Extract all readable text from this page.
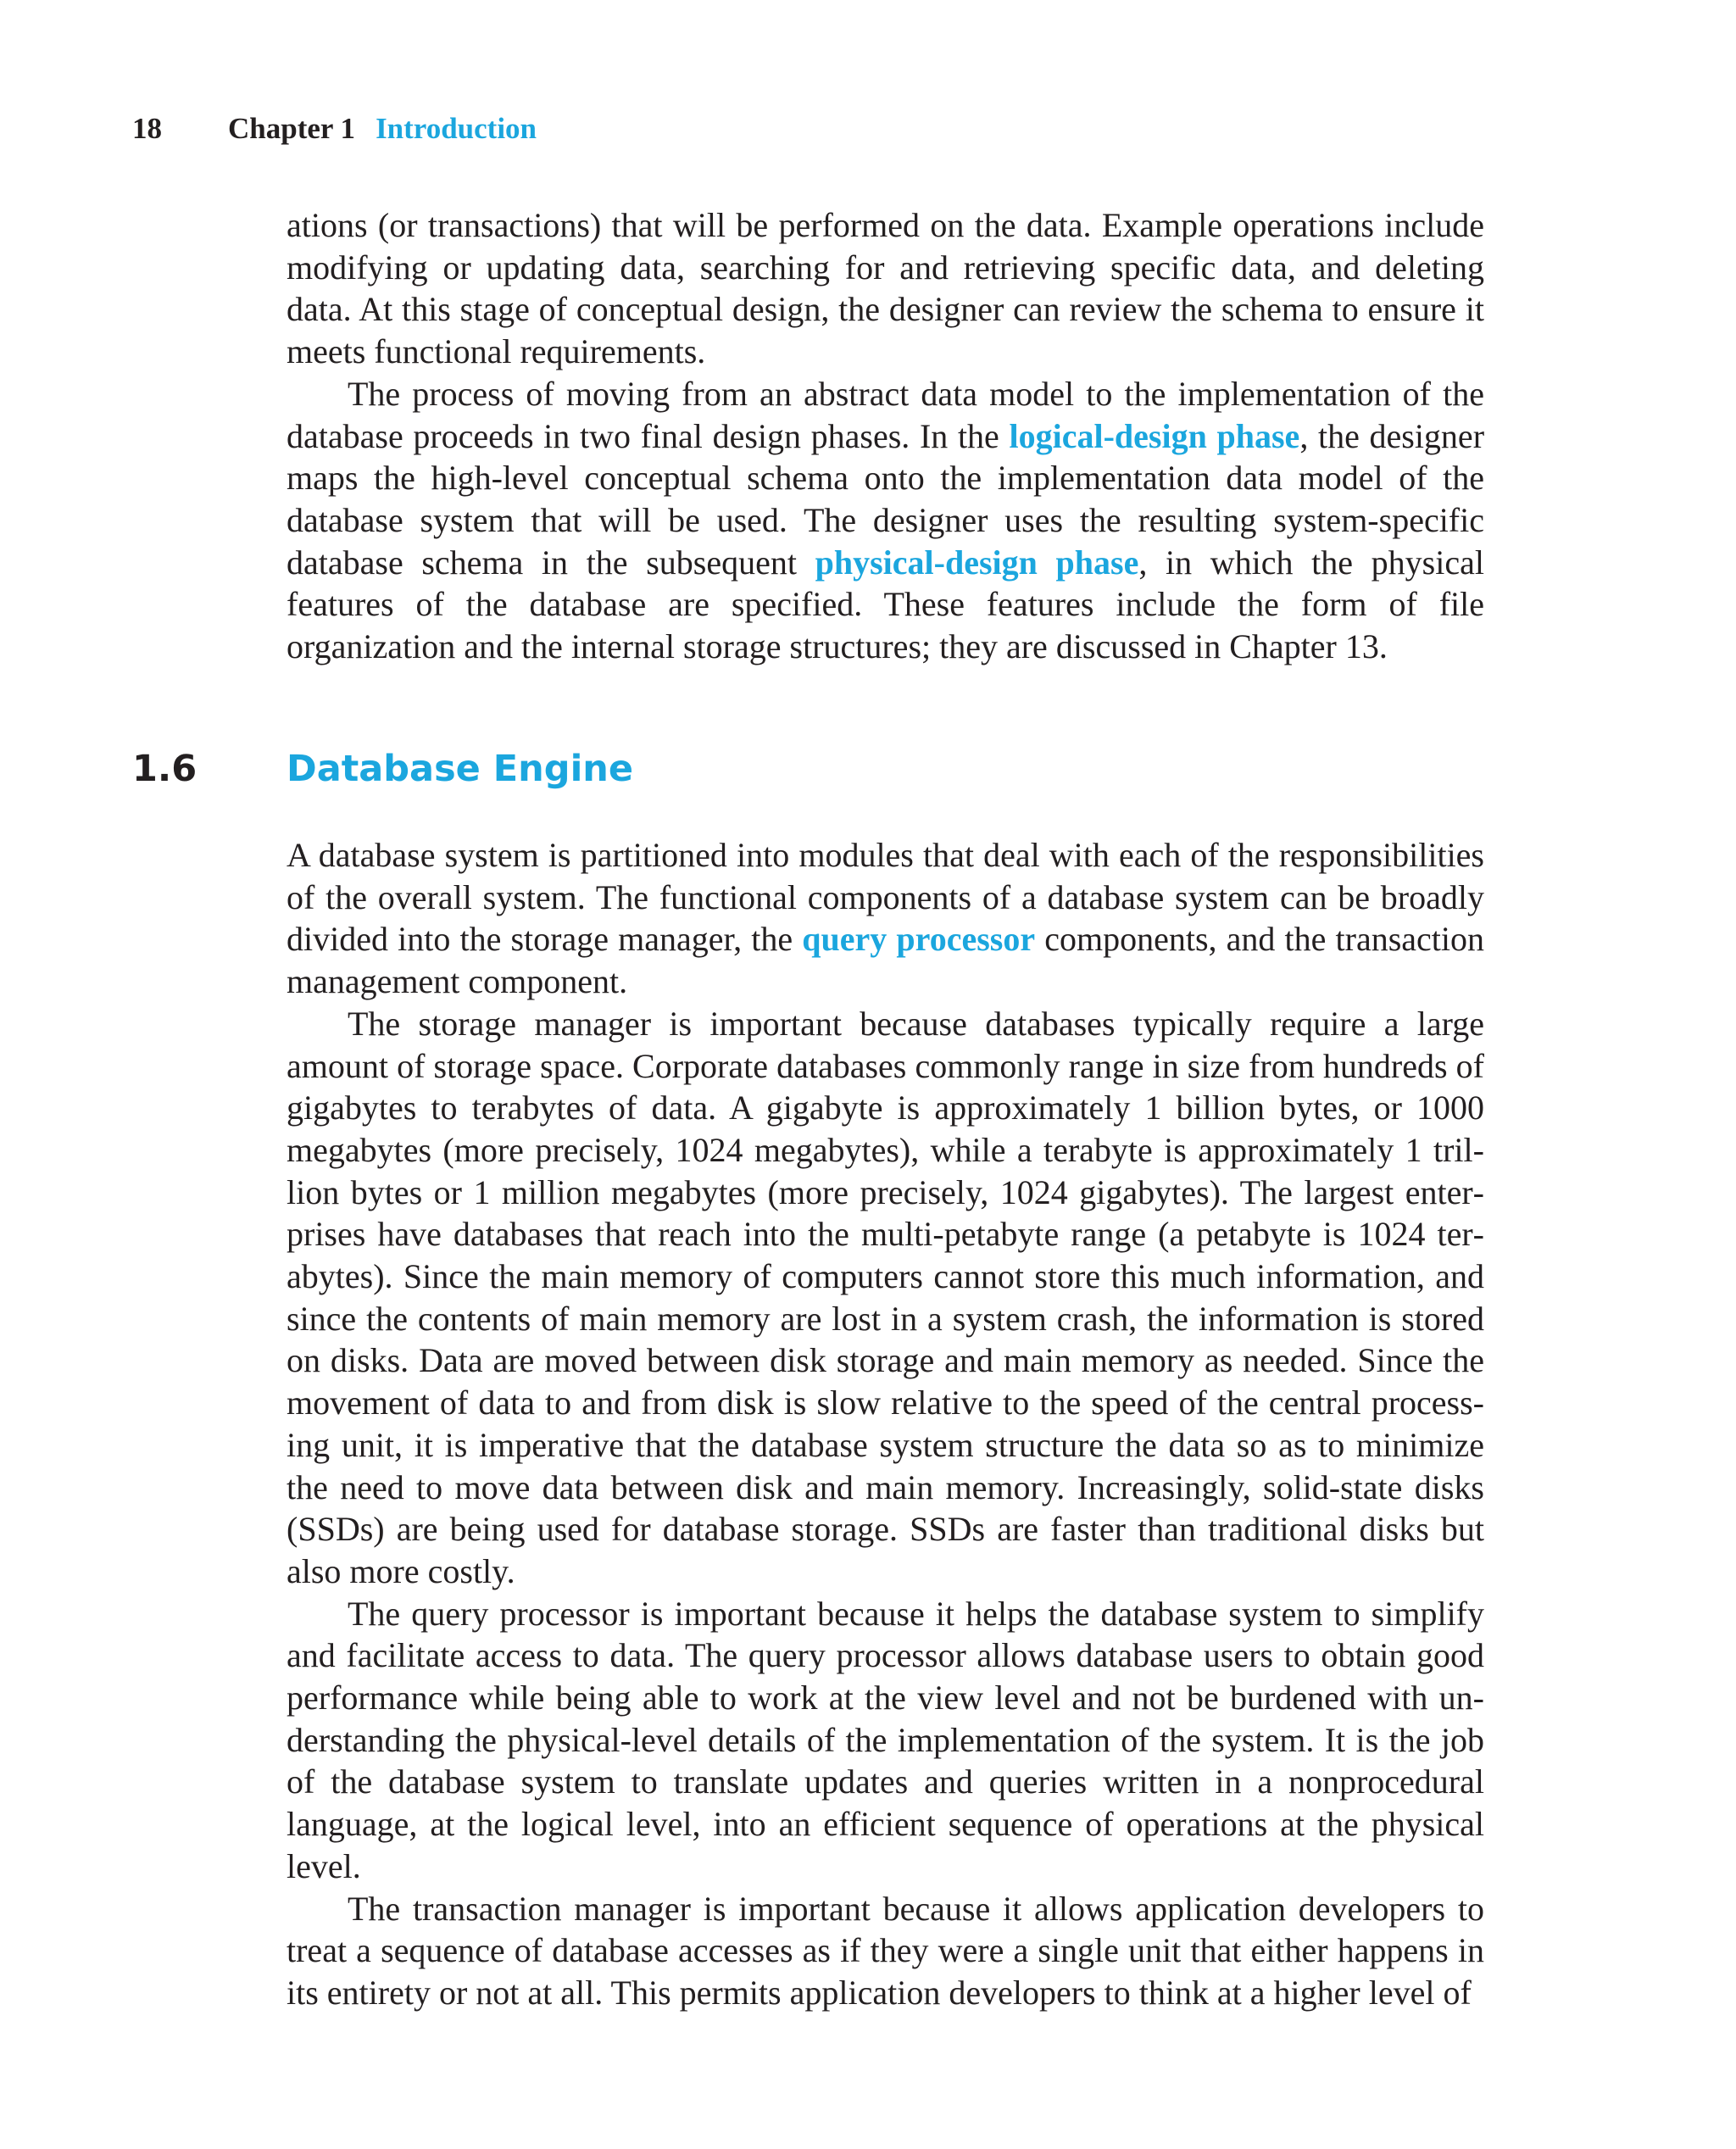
18 Chapter 1 Introduction

ations (or transactions) that will be performed on the data. Example operations include modifying or updating data, searching for and retrieving specific data, and deleting data. At this stage of conceptual design, the designer can review the schema to ensure it meets functional requirements.

The process of moving from an abstract data model to the implementation of the database proceeds in two final design phases. In the logical-design phase, the designer maps the high-level conceptual schema onto the implementation data model of the database system that will be used. The designer uses the resulting system-specific database schema in the subsequent physical-design phase, in which the physical features of the database are specified. These features include the form of file organization and the internal storage structures; they are discussed in Chapter 13.

1.6 Database Engine

A database system is partitioned into modules that deal with each of the responsibilities of the overall system. The functional components of a database system can be broadly divided into the storage manager, the query processor components, and the transaction management component.

The storage manager is important because databases typically require a large amount of storage space. Corporate databases commonly range in size from hundreds of gigabytes to terabytes of data. A gigabyte is approximately 1 billion bytes, or 1000 megabytes (more precisely, 1024 megabytes), while a terabyte is approximately 1 trillion bytes or 1 million megabytes (more precisely, 1024 gigabytes). The largest enterprises have databases that reach into the multi-petabyte range (a petabyte is 1024 terabytes). Since the main memory of computers cannot store this much information, and since the contents of main memory are lost in a system crash, the information is stored on disks. Data are moved between disk storage and main memory as needed. Since the movement of data to and from disk is slow relative to the speed of the central processing unit, it is imperative that the database system structure the data so as to minimize the need to move data between disk and main memory. Increasingly, solid-state disks (SSDs) are being used for database storage. SSDs are faster than traditional disks but also more costly.

The query processor is important because it helps the database system to simplify and facilitate access to data. The query processor allows database users to obtain good performance while being able to work at the view level and not be burdened with understanding the physical-level details of the implementation of the system. It is the job of the database system to translate updates and queries written in a nonprocedural language, at the logical level, into an efficient sequence of operations at the physical level.

The transaction manager is important because it allows application developers to treat a sequence of database accesses as if they were a single unit that either happens in its entirety or not at all. This permits application developers to think at a higher level of
